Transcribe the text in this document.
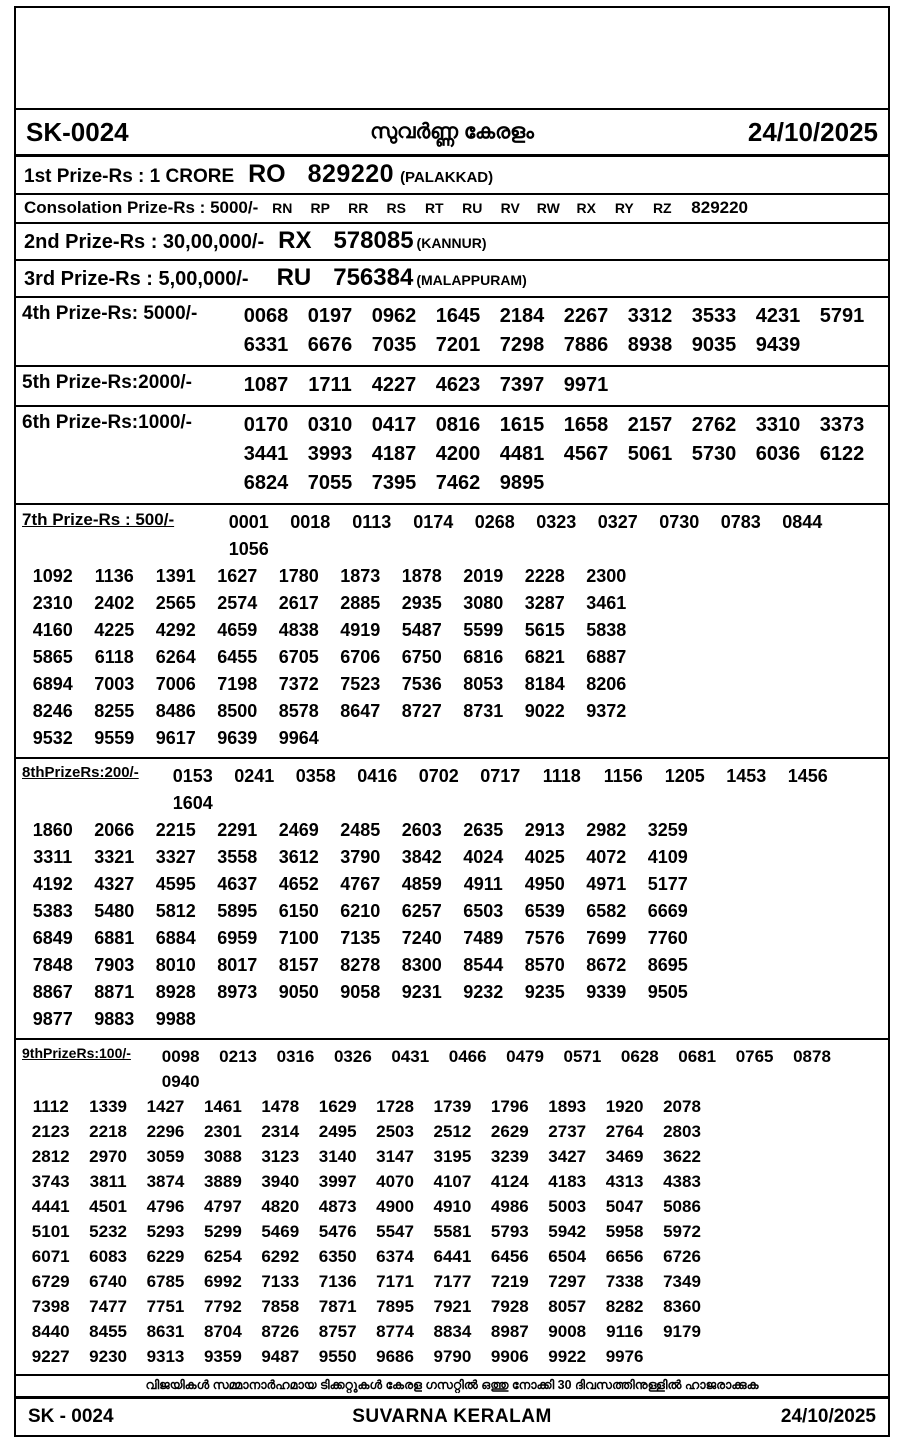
SK-0024	സുവർണ്ണ കേരളം	24/10/2025
1st Prize-Rs : 1 CRORE RO 829220 (PALAKKAD)
Consolation Prize-Rs : 5000/- RN RP RR RS RT RU RV RW RX RY RZ	829220
2nd Prize-Rs : 30,00,000/- RX 578085 (KANNUR)
3rd Prize-Rs : 5,00,000/- RU 756384 (MALAPPURAM)
4th Prize-Rs: 5000/-	0068 0197 0962 1645 2184 2267 3312 3533 4231 5791
6331 6676 7035 7201 7298 7886 8938 9035 9439
5th Prize-Rs:2000/-	1087	1711	4227 4623 7397 9971
6th Prize-Rs:1000/-	0170 0310 0417 0816 1615 1658 2157 2762 3310 3373
3441 3993 4187 4200 4481 4567 5061 5730 6036 6122
6824 7055 7395 7462 9895
7th Prize-Rs : 500/-	0001	0018	0113	0174	0268	0323	0327	0730	0783	0844
1056
1092	1136	1391	1627	1780	1873	1878	2019	2228	2300
2310	2402	2565	2574	2617	2885	2935	3080	3287	3461
4160	4225	4292	4659	4838	4919	5487	5599	5615	5838
5865	6118	6264	6455	6705	6706	6750	6816	6821	6887
6894	7003	7006	7198	7372	7523	7536	8053	8184	8206
8246	8255	8486	8500	8578	8647	8727	8731	9022	9372
9532	9559	9617	9639	9964
8thPrizeRs:200/-	0153	0241	0358	0416	0702	0717	1118	1156	1205	1453	1456
1604
1860	2066	2215	2291	2469	2485	2603	2635	2913	2982	3259
3311	3321	3327	3558	3612	3790	3842	4024	4025	4072	4109
4192	4327	4595	4637	4652	4767	4859	4911	4950	4971	5177
5383	5480	5812	5895	6150	6210	6257	6503	6539	6582	6669
6849	6881	6884	6959	7100	7135	7240	7489	7576	7699	7760
7848	7903	8010	8017	8157	8278	8300	8544	8570	8672	8695
8867	8871	8928	8973	9050	9058	9231	9232	9235	9339	9505
9877	9883	9988
9thPrizeRs:100/-	0098	0213	0316	0326	0431	0466	0479	0571	0628	0681	0765	0878
0940
1112	1339	1427	1461	1478	1629	1728	1739	1796	1893	1920	2078
2123	2218	2296	2301	2314	2495	2503	2512	2629	2737	2764	2803
2812	2970	3059	3088	3123	3140	3147	3195	3239	3427	3469	3622
3743	3811	3874	3889	3940	3997	4070	4107	4124	4183	4313	4383
4441	4501	4796	4797	4820	4873	4900	4910	4986	5003	5047	5086
5101	5232	5293	5299	5469	5476	5547	5581	5793	5942	5958	5972
6071	6083	6229	6254	6292	6350	6374	6441	6456	6504	6656	6726
6729	6740	6785	6992	7133	7136	7171	7177	7219	7297	7338	7349
7398	7477	7751	7792	7858	7871	7895	7921	7928	8057	8282	8360
8440	8455	8631	8704	8726	8757	8774	8834	8987	9008	9116	9179
9227	9230	9313	9359	9487	9550	9686	9790	9906	9922	9976
വിജയികൾ സമ്മാനാർഹമായ ടിക്കറ്റുകൾ കേരള ഗസറ്റിൽ ഒത്തു നോക്കി 30 ദിവസത്തിനുള്ളിൽ ഹാജരാക്കുക
SK - 0024	SUVARNA KERALAM	24/10/2025
